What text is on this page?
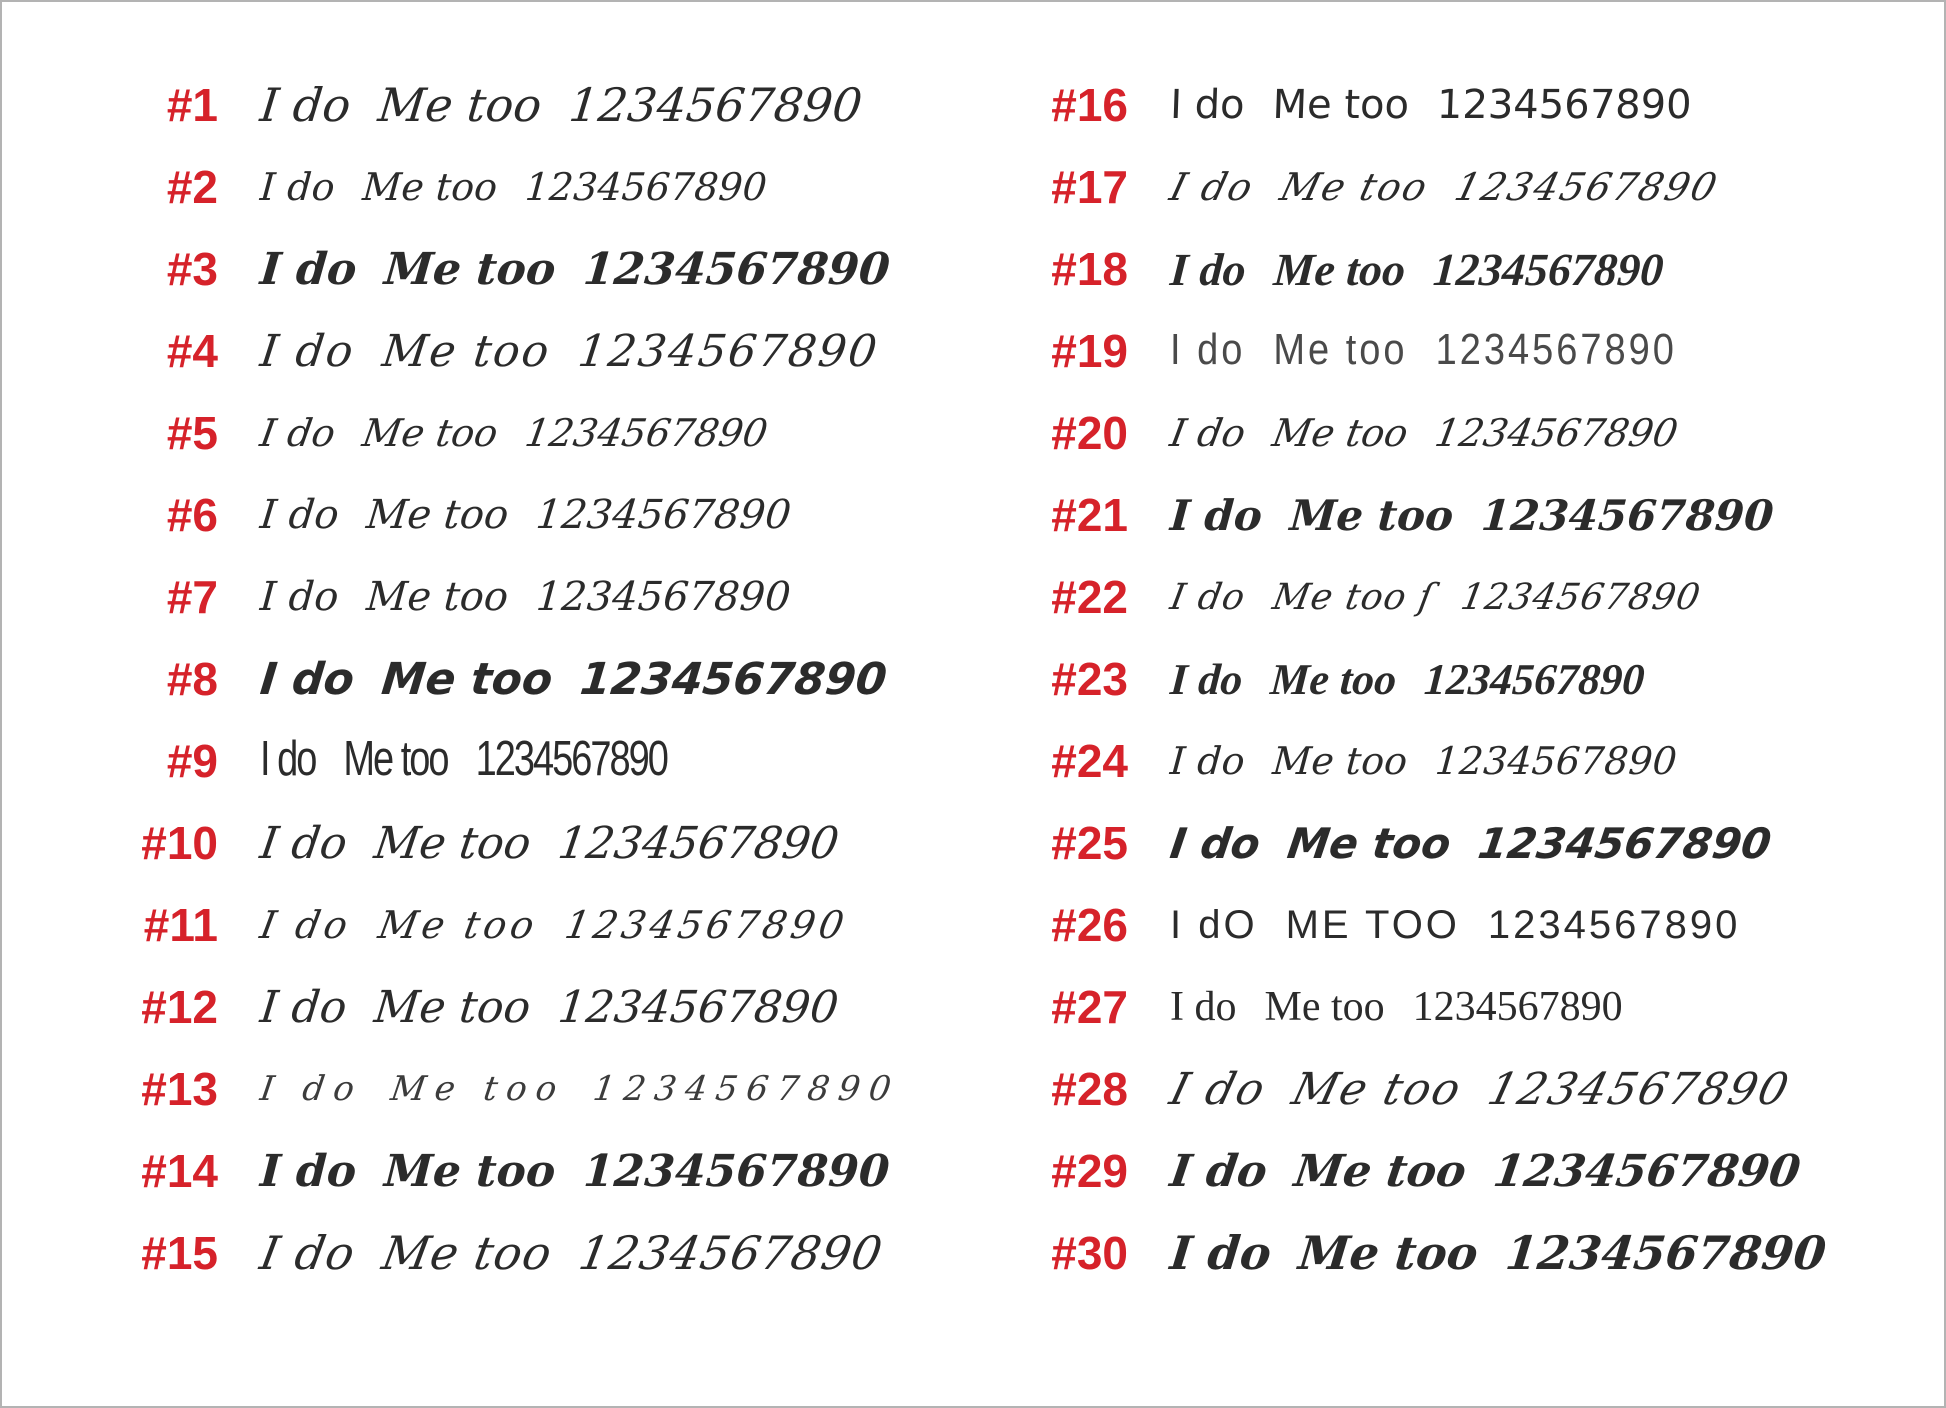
#1 I do Me too 1234567890
#2 I do Me too 1234567890
#3 I do Me too 1234567890
#4 I do Me too 1234567890
#5 I do Me too 1234567890
#6 I do Me too 1234567890
#7 I do Me too 1234567890
#8 I do Me too 1234567890
#9 I do Me too 1234567890
#10 I do Me too 1234567890
#11 I do Me too 1234567890
#12 I do Me too 1234567890
#13 I do Me too 1234567890
#14 I do Me too 1234567890
#15 I do Me too 1234567890
#16 I do Me too 1234567890
#17 I do Me too 1234567890
#18 I do Me too 1234567890
#19 I do Me too 1234567890
#20 I do Me too 1234567890
#21 I do Me too 1234567890
#22 I do Me too ſ 1234567890
#23 I do Me too 1234567890
#24 I do Me too 1234567890
#25 I do Me too 1234567890
#26 I dO ME TOO 1234567890
#27 I do Me too 1234567890
#28 I do Me too 1234567890
#29 I do Me too 1234567890
#30 I do Me too 1234567890
